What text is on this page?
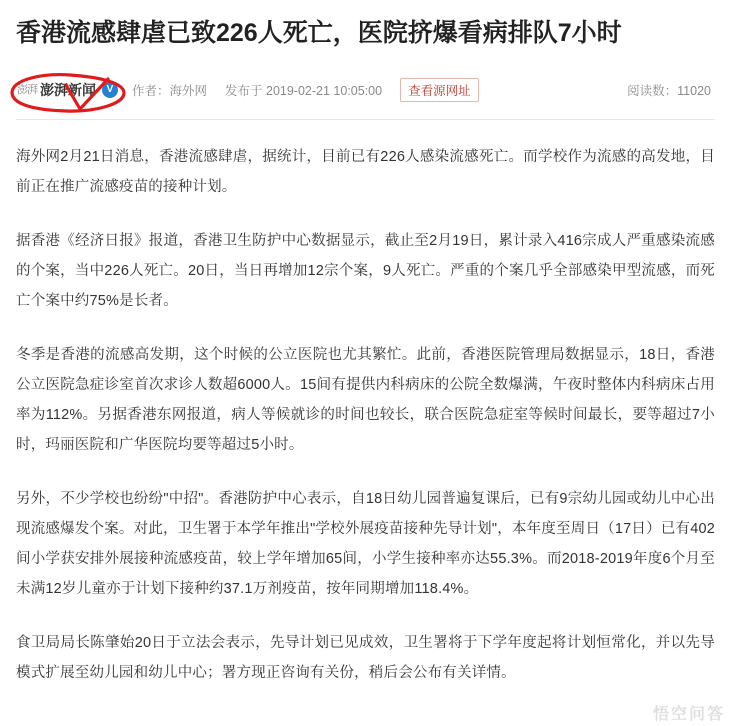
香港流感肆虐已致226人死亡，医院挤爆看病排队7小时
澎湃 澎湃新闻	V	作者：海外网 发布于 2019-02-21 10:05:00	查看源网址	阅读数：11020

海外网2月21日消息，香港流感肆虐，据统计，目前已有226人感染流感死亡。而学校作为流感的高发地，目前正在推广流感疫苗的接种计划。

据香港《经济日报》报道，香港卫生防护中心数据显示，截止至2月19日，累计录入416宗成人严重感染流感的个案，当中226人死亡。20日，当日再增加12宗个案，9人死亡。严重的个案几乎全部感染甲型流感，而死亡个案中约75%是长者。

冬季是香港的流感高发期，这个时候的公立医院也尤其繁忙。此前，香港医院管理局数据显示，18日，香港公立医院急症诊室首次求诊人数超6000人。15间有提供内科病床的公院全数爆满，午夜时整体内科病床占用率为112%。另据香港东网报道，病人等候就诊的时间也较长，联合医院急症室等候时间最长，要等超过7小时，玛丽医院和广华医院均要等超过5小时。

另外，不少学校也纷纷"中招"。香港防护中心表示，自18日幼儿园普遍复课后，已有9宗幼儿园或幼儿中心出现流感爆发个案。对此，卫生署于本学年推出"学校外展疫苗接种先导计划"，本年度至周日（17日）已有402间小学获安排外展接种流感疫苗，较上学年增加65间，小学生接种率亦达55.3%。而2018-2019年度6个月至未满12岁儿童亦于计划下接种约37.1万剂疫苗，按年同期增加118.4%。

食卫局局长陈肇始20日于立法会表示，先导计划已见成效，卫生署将于下学年度起将计划恒常化，并以先导模式扩展至幼儿园和幼儿中心；署方现正咨询有关份，稍后会公布有关详情。

悟空问答
